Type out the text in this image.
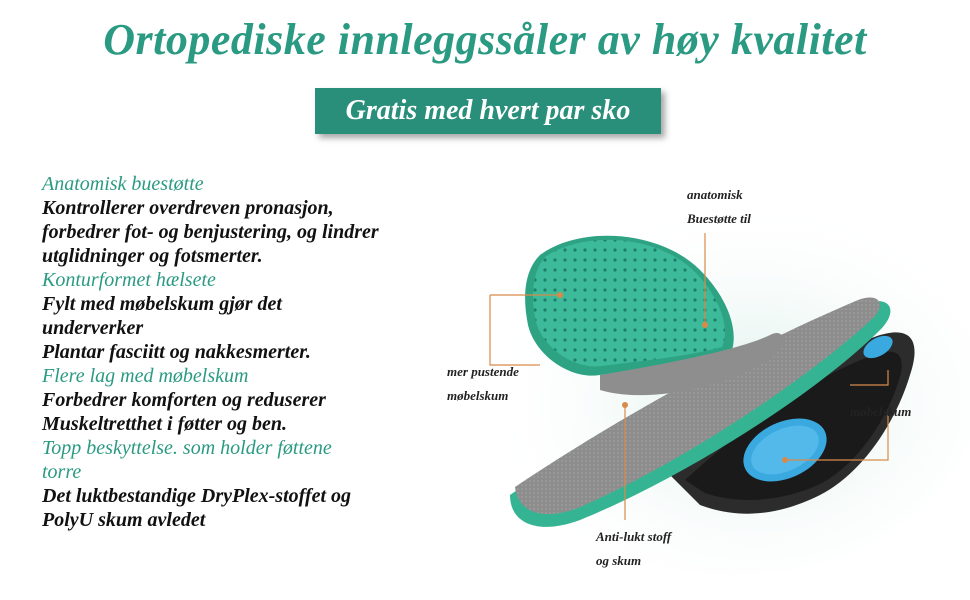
Ortopediske innleggssåler av høy kvalitet
Gratis med hvert par sko
Anatomisk buestøtte
Kontrollerer overdreven pronasjon,
forbedrer fot- og benjustering, og lindrer
utglidninger og fotsmerter.
Konturformet hælsete
Fylt med møbelskum gjør det
underverker
Plantar fasciitt og nakkesmerter.
Flere lag med møbelskum
Forbedrer komforten og reduserer
Muskeltretthet i føtter og ben.
Topp beskyttelse. som holder føttene
torre
Det luktbestandige DryPlex-stoffet og
PolyU skum avledet
anatomisk
Buestøtte til
mer pustende
møbelskum
møbelskum
Anti-lukt stoff
og skum
